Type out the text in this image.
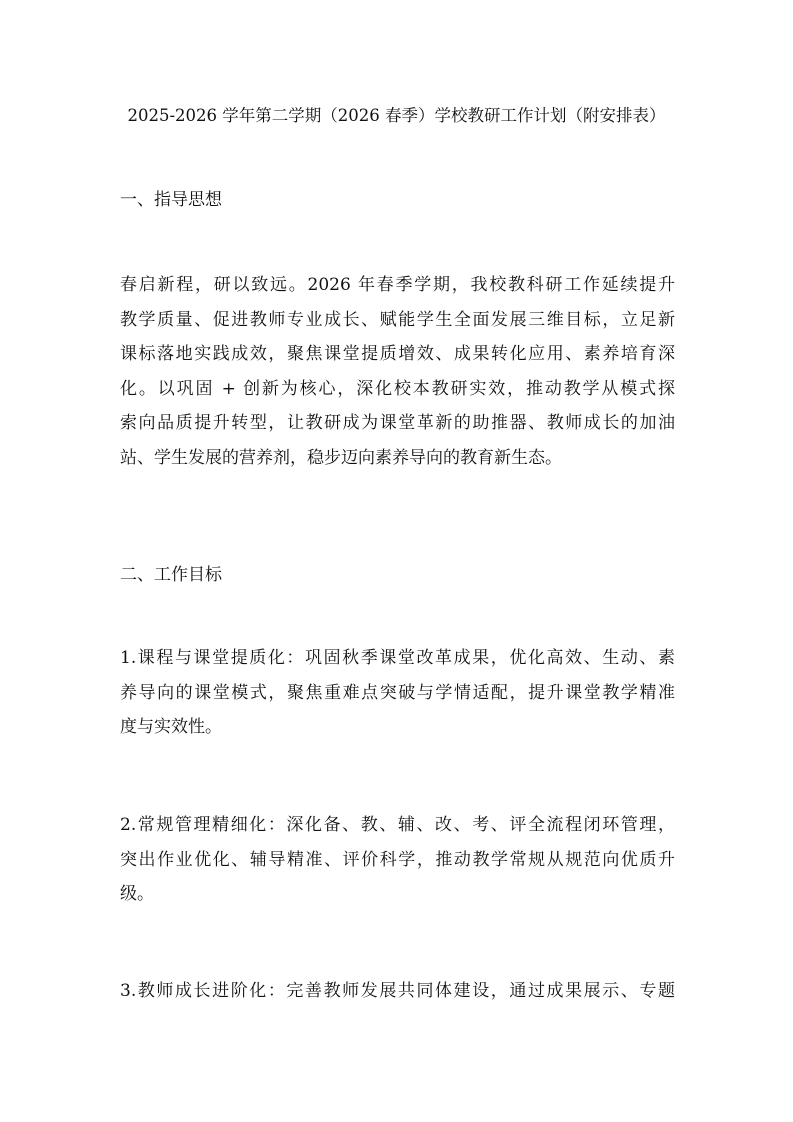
2025-2026 学年第二学期（2026 春季）学校教研工作计划（附安排表）
一、指导思想
春启新程，研以致远。2026 年春季学期，我校教科研工作延续提升
教学质量、促进教师专业成长、赋能学生全面发展三维目标，立足新
课标落地实践成效，聚焦课堂提质增效、成果转化应用、素养培育深
化。以巩固 + 创新为核心，深化校本教研实效，推动教学从模式探
索向品质提升转型，让教研成为课堂革新的助推器、教师成长的加油
站、学生发展的营养剂，稳步迈向素养导向的教育新生态。
二、工作目标
1.课程与课堂提质化：巩固秋季课堂改革成果，优化高效、生动、素
养导向的课堂模式，聚焦重难点突破与学情适配，提升课堂教学精准
度与实效性。
2.常规管理精细化：深化备、教、辅、改、考、评全流程闭环管理，
突出作业优化、辅导精准、评价科学，推动教学常规从规范向优质升
级。
3.教师成长进阶化：完善教师发展共同体建设，通过成果展示、专题
